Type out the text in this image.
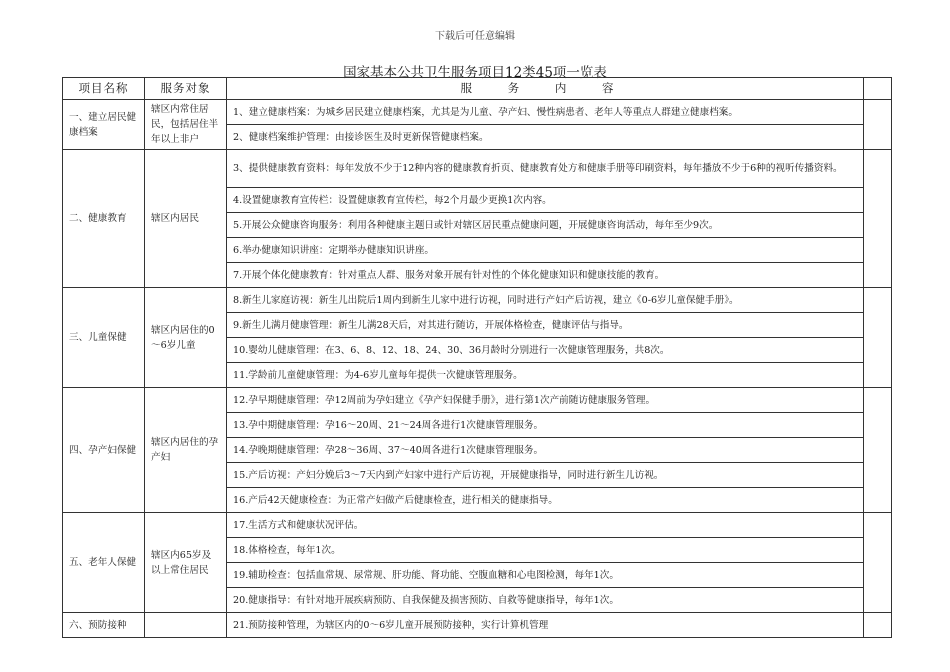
下载后可任意编辑
国家基本公共卫生服务项目12类45项一览表
项目名称	服务对象	服 务 内 容	
一、建立居民健康档案	辖区内常住居民，包括居住半年以上非户	1、建立健康档案：为城乡居民建立健康档案，尤其是为儿童、孕产妇、慢性病患者、老年人等重点人群建立健康档案。	
		2、健康档案维护管理：由接诊医生及时更新保管健康档案。	
二、健康教育	辖区内居民	3、提供健康教育资料：每年发放不少于12种内容的健康教育折页、健康教育处方和健康手册等印刷资料，每年播放不少于6种的视听传播资料。	
		4.设置健康教育宣传栏：设置健康教育宣传栏，每2个月最少更换1次内容。	
		5.开展公众健康咨询服务：利用各种健康主题日或针对辖区居民重点健康问题，开展健康咨询活动，每年至少9次。	
		6.举办健康知识讲座：定期举办健康知识讲座。	
		7.开展个体化健康教育：针对重点人群、服务对象开展有针对性的个体化健康知识和健康技能的教育。	
三、儿童保健	辖区内居住的0～6岁儿童	8.新生儿家庭访视：新生儿出院后1周内到新生儿家中进行访视，同时进行产妇产后访视，建立《0-6岁儿童保健手册》。	
		9.新生儿满月健康管理：新生儿满28天后，对其进行随访，开展体格检查，健康评估与指导。	
		10.婴幼儿健康管理：在3、6、8、12、18、24、30、36月龄时分别进行一次健康管理服务，共8次。	
		11.学龄前儿童健康管理：为4-6岁儿童每年提供一次健康管理服务。	
四、孕产妇保健	辖区内居住的孕产妇	12.孕早期健康管理：孕12周前为孕妇建立《孕产妇保健手册》，进行第1次产前随访健康服务管理。	
		13.孕中期健康管理：孕16～20周、21～24周各进行1次健康管理服务。	
		14.孕晚期健康管理：孕28～36周、37～40周各进行1次健康管理服务。	
		15.产后访视：产妇分娩后3～7天内到产妇家中进行产后访视，开展健康指导，同时进行新生儿访视。	
		16.产后42天健康检查：为正常产妇做产后健康检查，进行相关的健康指导。	
五、老年人保健	辖区内65岁及以上常住居民	17.生活方式和健康状况评估。	
		18.体格检查，每年1次。	
		19.辅助检查：包括血常规、尿常规、肝功能、肾功能、空腹血糖和心电图检测，每年1次。	
		20.健康指导：有针对地开展疾病预防、自我保健及损害预防、自救等健康指导，每年1次。	
六、预防接种		21.预防接种管理，为辖区内的0～6岁儿童开展预防接种，实行计算机管理	
